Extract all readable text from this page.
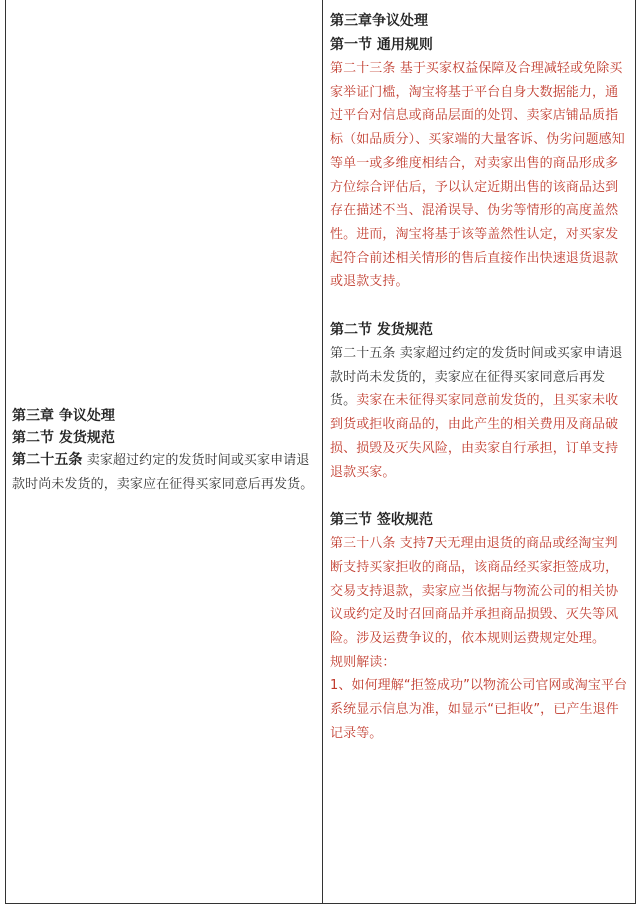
第三章 争议处理
第二节 发货规范
第二十五条 卖家超过约定的发货时间或买家申请退款时尚未发货的，卖家应在征得买家同意后再发货。
第三章争议处理
第一节 通用规则
第二十三条 基于买家权益保障及合理减轻或免除买家举证门槛，淘宝将基于平台自身大数据能力，通过平台对信息或商品层面的处罚、卖家店铺品质指标（如品质分）、买家端的大量客诉、伪劣问题感知等单一或多维度相结合，对卖家出售的商品形成多方位综合评估后，予以认定近期出售的该商品达到存在描述不当、混淆误导、伪劣等情形的高度盖然性。进而，淘宝将基于该等盖然性认定，对买家发起符合前述相关情形的售后直接作出快速退货退款或退款支持。
第二节 发货规范
第二十五条 卖家超过约定的发货时间或买家申请退款时尚未发货的，卖家应在征得买家同意后再发货。卖家在未征得买家同意前发货的，且买家未收到货或拒收商品的，由此产生的相关费用及商品破损、损毁及灭失风险，由卖家自行承担，订单支持退款买家。
第三节 签收规范
第三十八条 支持7天无理由退货的商品或经淘宝判断支持买家拒收的商品，该商品经买家拒签成功，交易支持退款，卖家应当依据与物流公司的相关协议或约定及时召回商品并承担商品损毁、灭失等风险。涉及运费争议的，依本规则运费规定处理。
规则解读：
1、如何理解“拒签成功”以物流公司官网或淘宝平台系统显示信息为准，如显示“已拒收”，已产生退件记录等。
